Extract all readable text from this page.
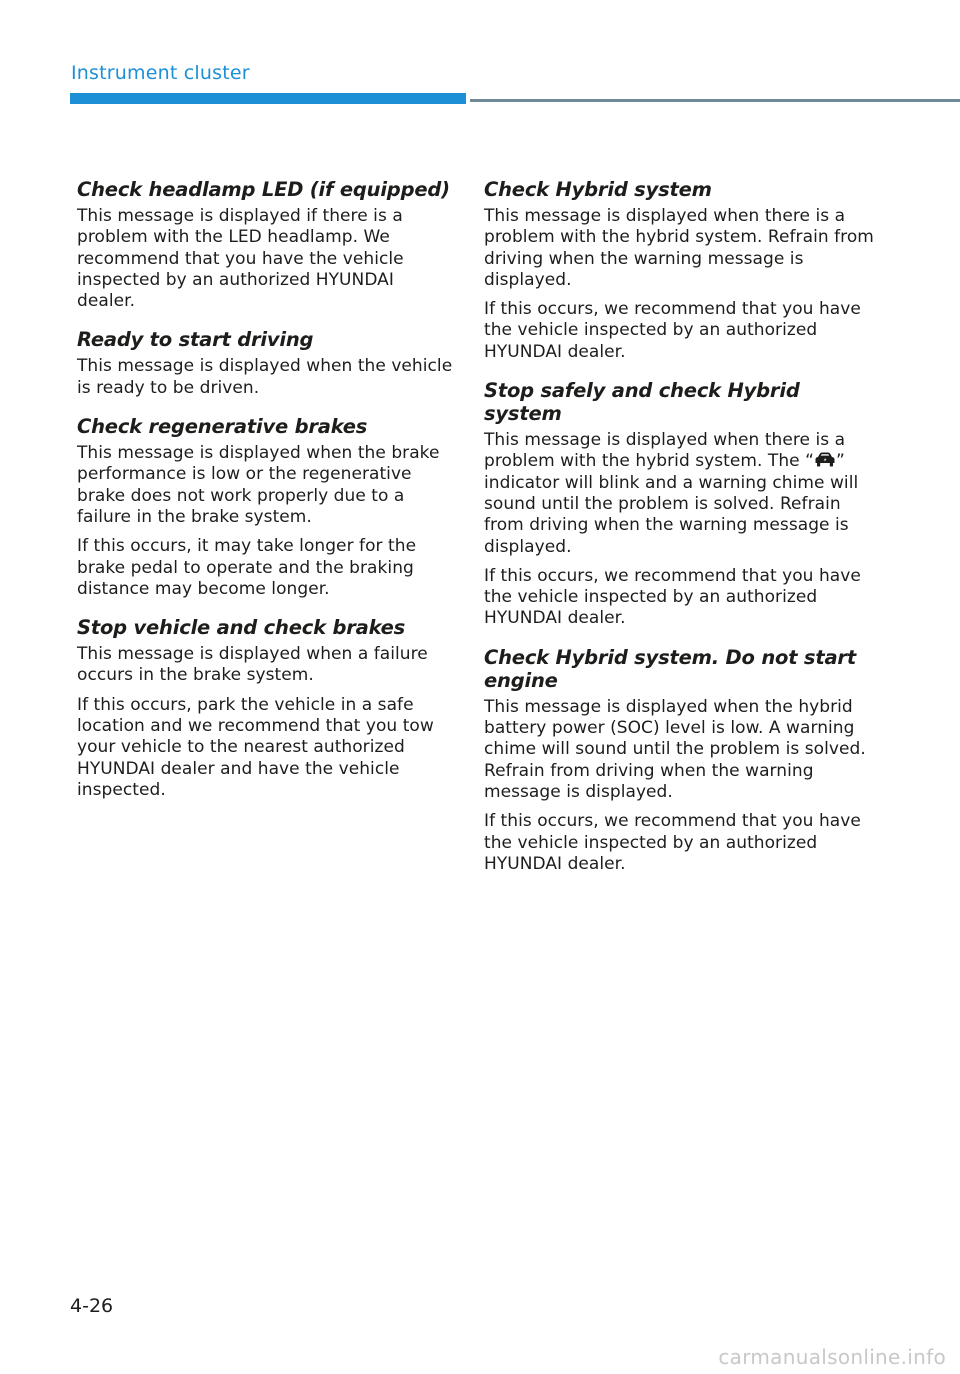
Instrument cluster
Check headlamp LED (if equipped)

This message is displayed if there is a problem with the LED headlamp. We recommend that you have the vehicle inspected by an authorized HYUNDAI dealer.

Ready to start driving

This message is displayed when the vehicle is ready to be driven.

Check regenerative brakes

This message is displayed when the brake performance is low or the regenerative brake does not work properly due to a failure in the brake system.

If this occurs, it may take longer for the brake pedal to operate and the braking distance may become longer.

Stop vehicle and check brakes

This message is displayed when a failure occurs in the brake system.

If this occurs, park the vehicle in a safe location and we recommend that you tow your vehicle to the nearest authorized HYUNDAI dealer and have the vehicle inspected.

Check Hybrid system

This message is displayed when there is a problem with the hybrid system. Refrain from driving when the warning message is displayed.

If this occurs, we recommend that you have the vehicle inspected by an authorized HYUNDAI dealer.

Stop safely and check Hybrid system

This message is displayed when there is a problem with the hybrid system. The “ ” indicator will blink and a warning chime will sound until the problem is solved. Refrain from driving when the warning message is displayed.

If this occurs, we recommend that you have the vehicle inspected by an authorized HYUNDAI dealer.

Check Hybrid system. Do not start engine

This message is displayed when the hybrid battery power (SOC) level is low. A warning chime will sound until the problem is solved. Refrain from driving when the warning message is displayed.

If this occurs, we recommend that you have the vehicle inspected by an authorized HYUNDAI dealer.

4-26
carmanualsonline.info
